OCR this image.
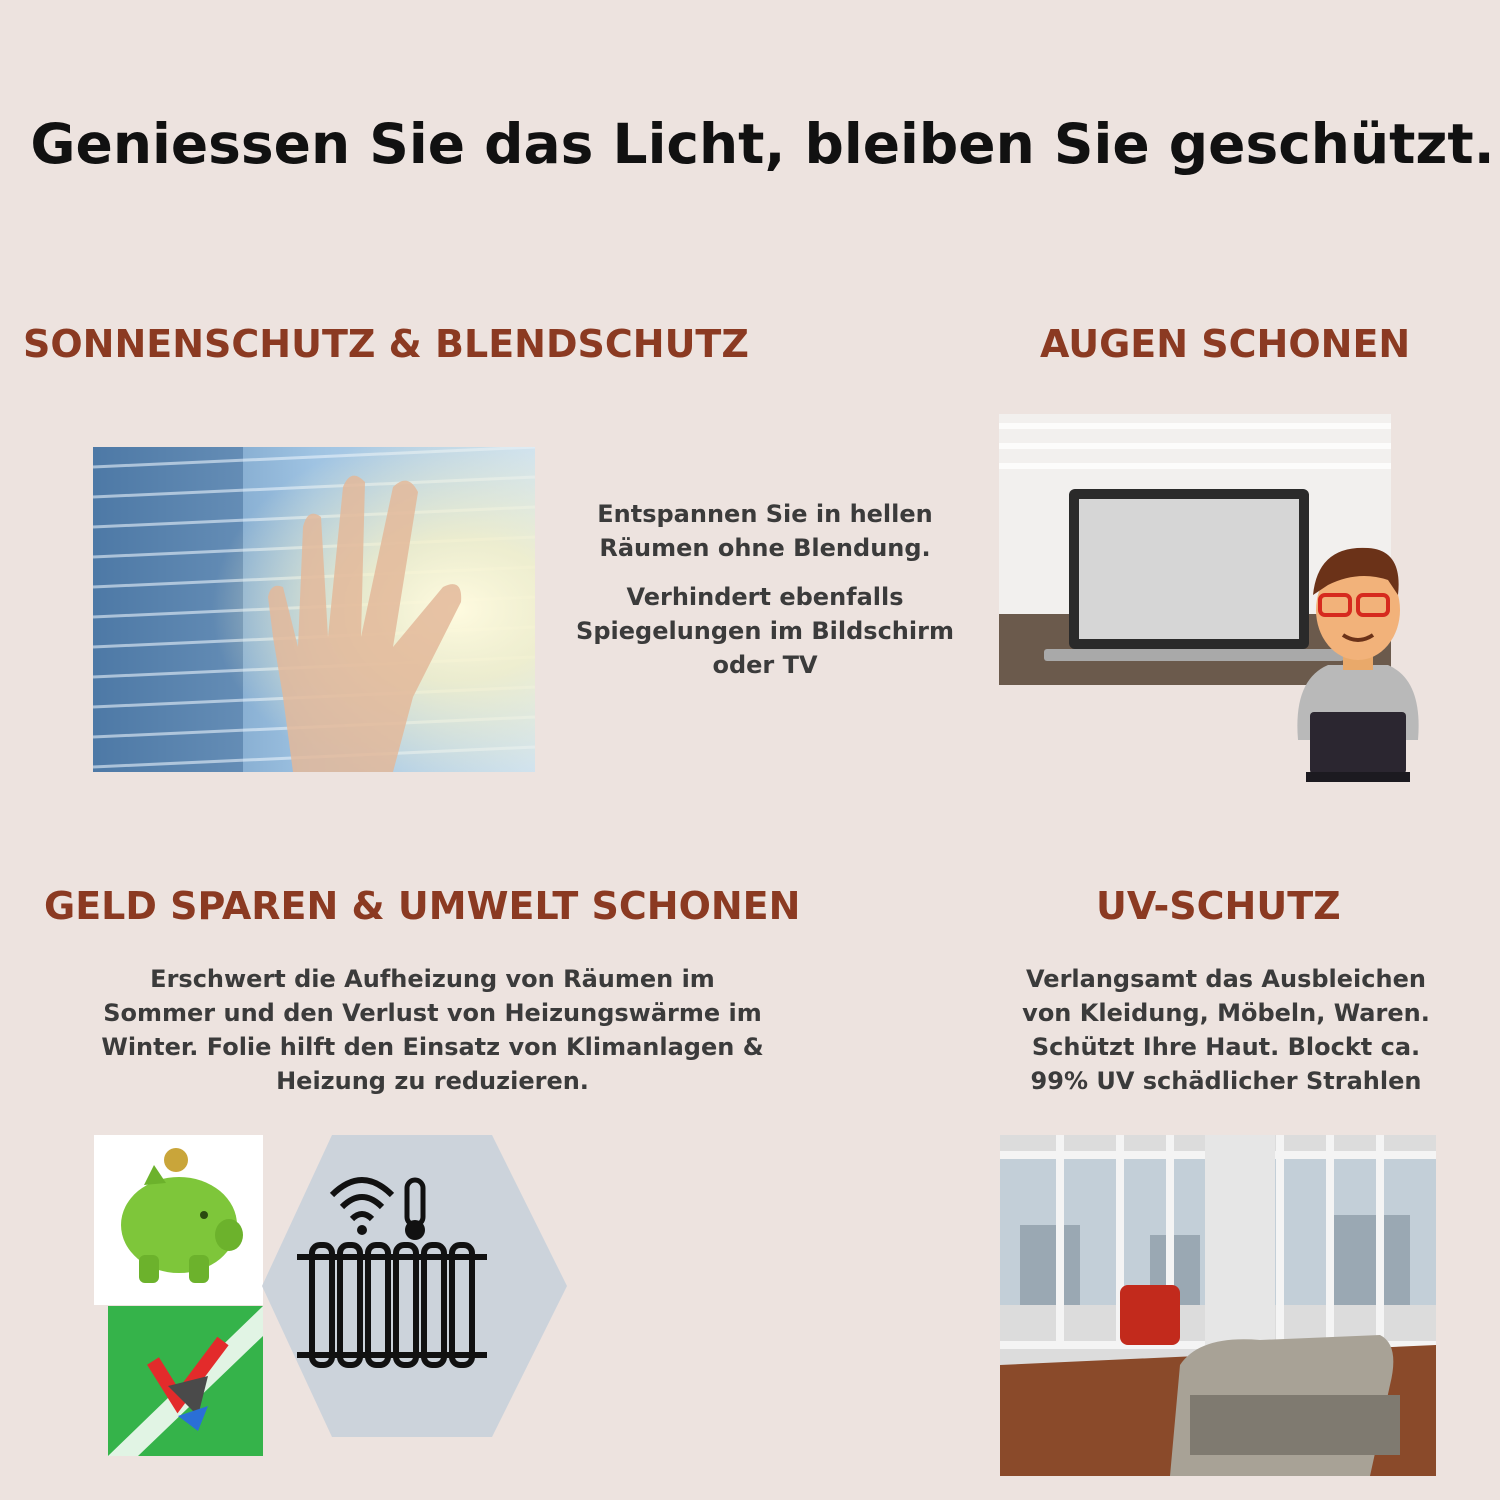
Geniessen Sie das Licht, bleiben Sie geschützt.
SONNENSCHUTZ & BLENDSCHUTZ	AUGEN SCHONEN
Entspannen Sie in hellen Räumen ohne Blendung.
Verhindert ebenfalls Spiegelungen im Bildschirm oder TV
GELD SPAREN & UMWELT SCHONEN	UV-SCHUTZ
Erschwert die Aufheizung von Räumen im Sommer und den Verlust von Heizungswärme im Winter. Folie hilft den Einsatz von Klimanlagen & Heizung zu reduzieren.
Verlangsamt das Ausbleichen von Kleidung, Möbeln, Waren. Schützt Ihre Haut. Blockt ca. 99% UV schädlicher Strahlen
